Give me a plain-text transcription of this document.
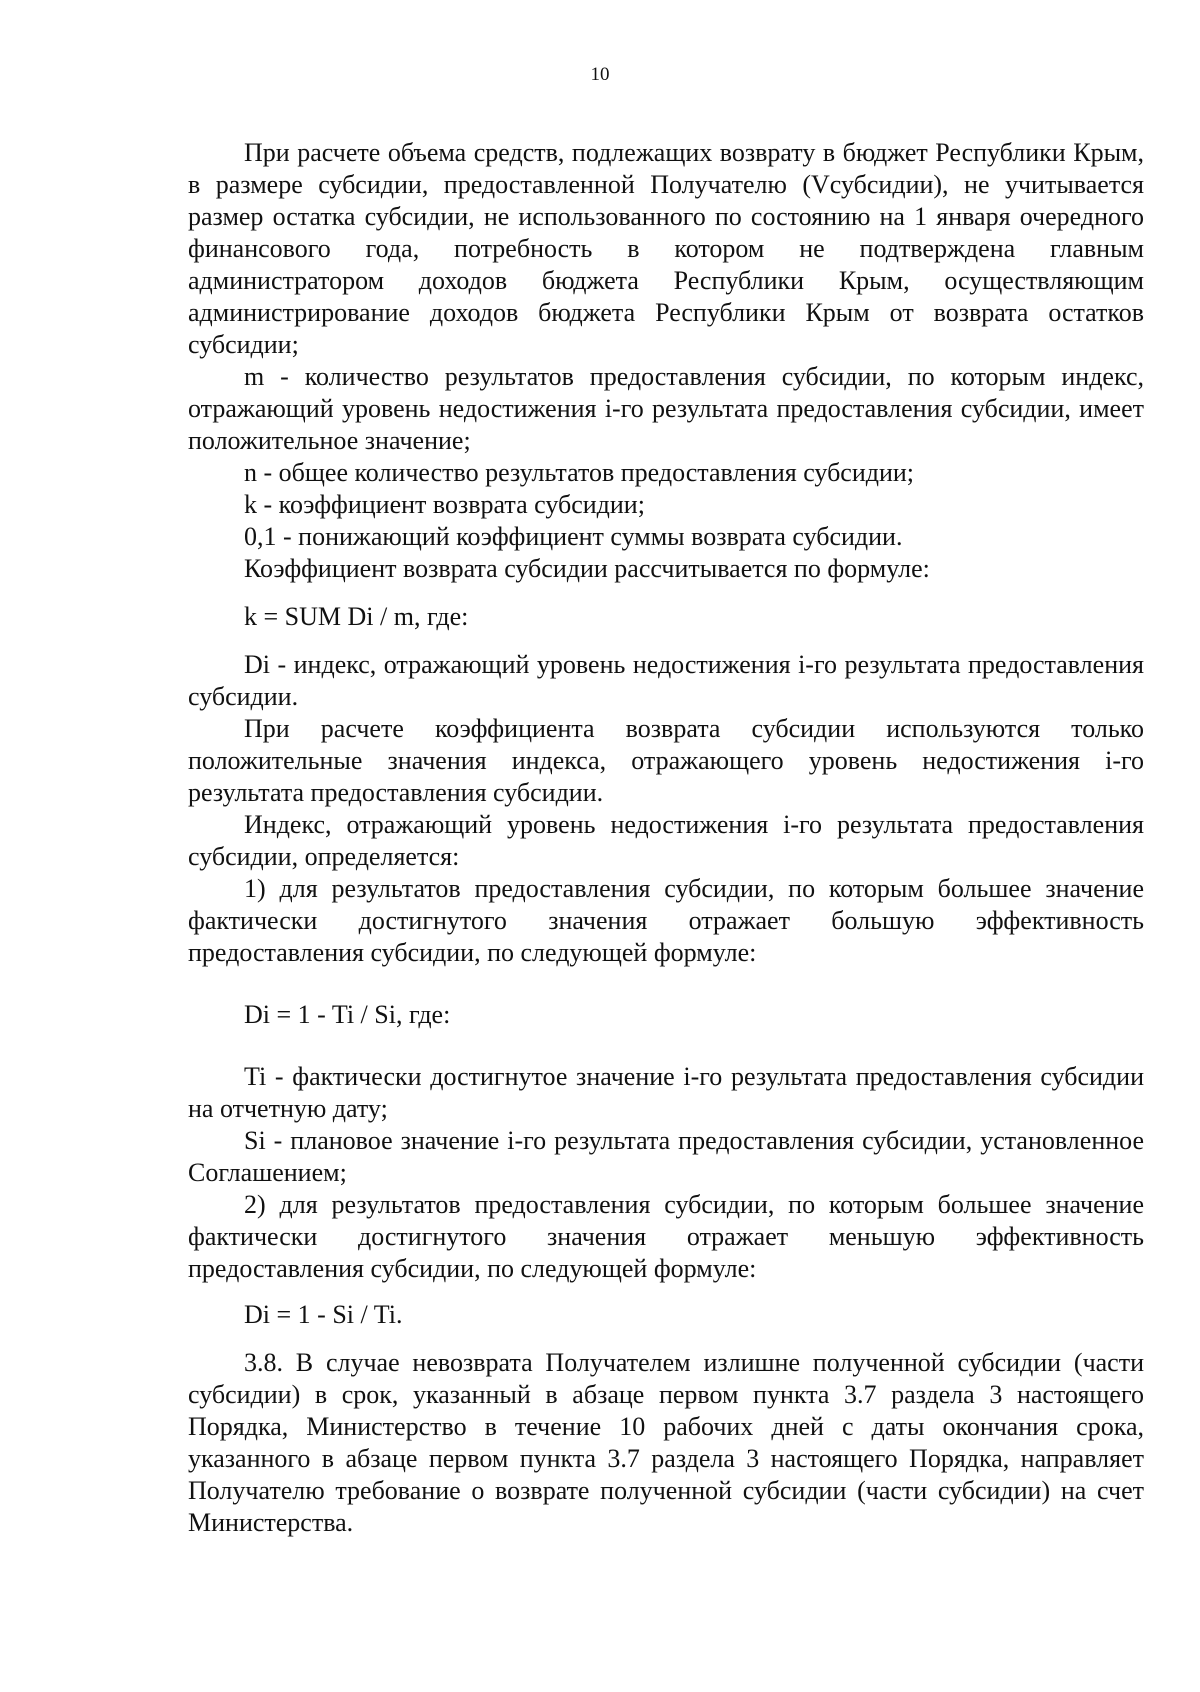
10

При расчете объема средств, подлежащих возврату в бюджет Республики Крым, в размере субсидии, предоставленной Получателю (Vсубсидии), не учитывается размер остатка субсидии, не использованного по состоянию на 1 января очередного финансового года, потребность в котором не подтверждена главным администратором доходов бюджета Республики Крым, осуществляющим администрирование доходов бюджета Республики Крым от возврата остатков субсидии;

m - количество результатов предоставления субсидии, по которым индекс, отражающий уровень недостижения i-го результата предоставления субсидии, имеет положительное значение;

n - общее количество результатов предоставления субсидии;

k - коэффициент возврата субсидии;

0,1 - понижающий коэффициент суммы возврата субсидии.

Коэффициент возврата субсидии рассчитывается по формуле:

k = SUM Di / m, где:

Di - индекс, отражающий уровень недостижения i-го результата предоставления субсидии.

При расчете коэффициента возврата субсидии используются только положительные значения индекса, отражающего уровень недостижения i-го результата предоставления субсидии.

Индекс, отражающий уровень недостижения i-го результата предоставления субсидии, определяется:

1) для результатов предоставления субсидии, по которым большее значение фактически достигнутого значения отражает большую эффективность предоставления субсидии, по следующей формуле:

Di = 1 - Ti / Si, где:

Ti - фактически достигнутое значение i-го результата предоставления субсидии на отчетную дату;

Si - плановое значение i-го результата предоставления субсидии, установленное Соглашением;

2) для результатов предоставления субсидии, по которым большее значение фактически достигнутого значения отражает меньшую эффективность предоставления субсидии, по следующей формуле:

Di = 1 - Si / Ti.

3.8. В случае невозврата Получателем излишне полученной субсидии (части субсидии) в срок, указанный в абзаце первом пункта 3.7 раздела 3 настоящего Порядка, Министерство в течение 10 рабочих дней с даты окончания срока, указанного в абзаце первом пункта 3.7 раздела 3 настоящего Порядка, направляет Получателю требование о возврате полученной субсидии (части субсидии) на счет Министерства.
